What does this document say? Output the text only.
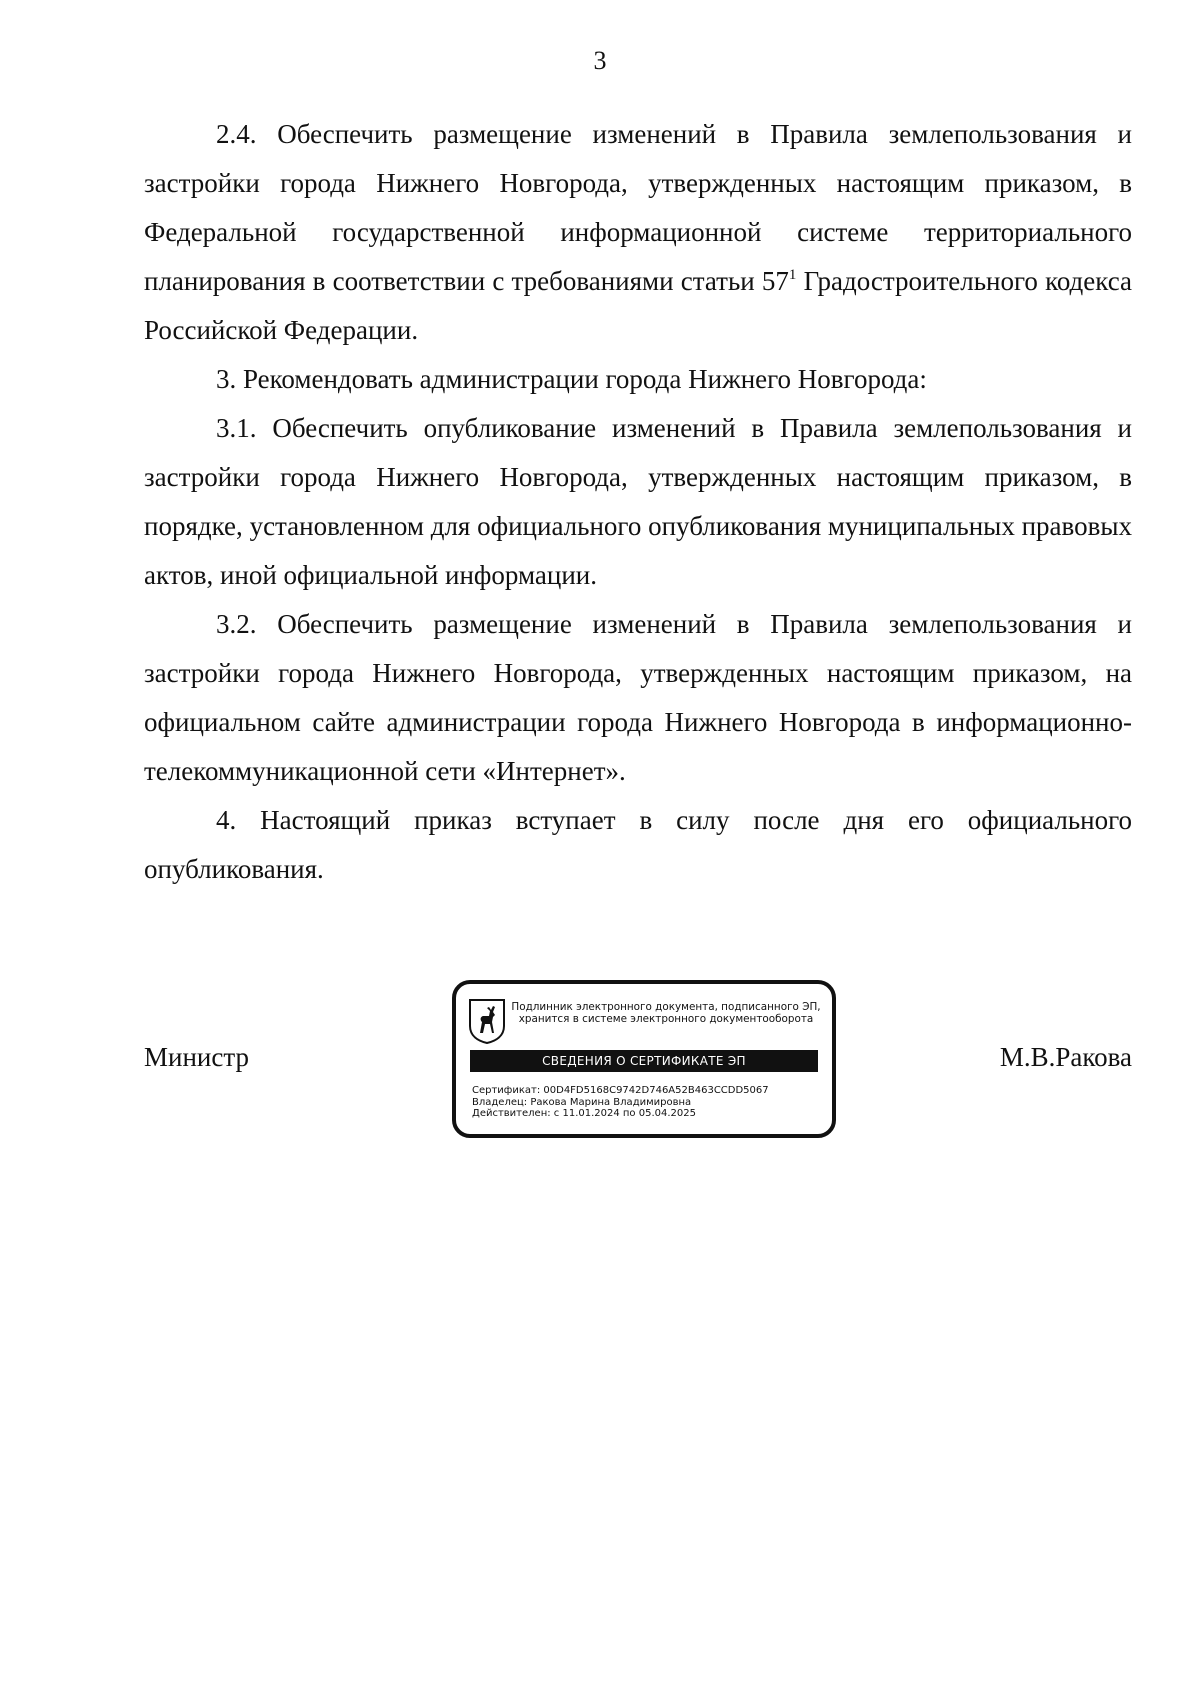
3

2.4. Обеспечить размещение изменений в Правила землепользования и застройки города Нижнего Новгорода, утвержденных настоящим приказом, в Федеральной государственной информационной системе территориального планирования в соответствии с требованиями статьи $57^1$ Градостроительного кодекса Российской Федерации.

3. Рекомендовать администрации города Нижнего Новгорода:

3.1. Обеспечить опубликование изменений в Правила землепользования и застройки города Нижнего Новгорода, утвержденных настоящим приказом, в порядке, установленном для официального опубликования муниципальных правовых актов, иной официальной информации.

3.2. Обеспечить размещение изменений в Правила землепользования и застройки города Нижнего Новгорода, утвержденных настоящим приказом, на официальном сайте администрации города Нижнего Новгорода в информационно-телекоммуникационной сети «Интернет».

4. Настоящий приказ вступает в силу после дня его официального опубликования.

Министр	М.В.Ракова
Подлинник электронного документа, подписанного ЭП,
хранится в системе электронного документооборота
СВЕДЕНИЯ О СЕРТИФИКАТЕ ЭП
Сертификат: 00D4FD5168C9742D746A52B463CCDD5067
Владелец: Ракова Марина Владимировна
Действителен: с 11.01.2024 по 05.04.2025
